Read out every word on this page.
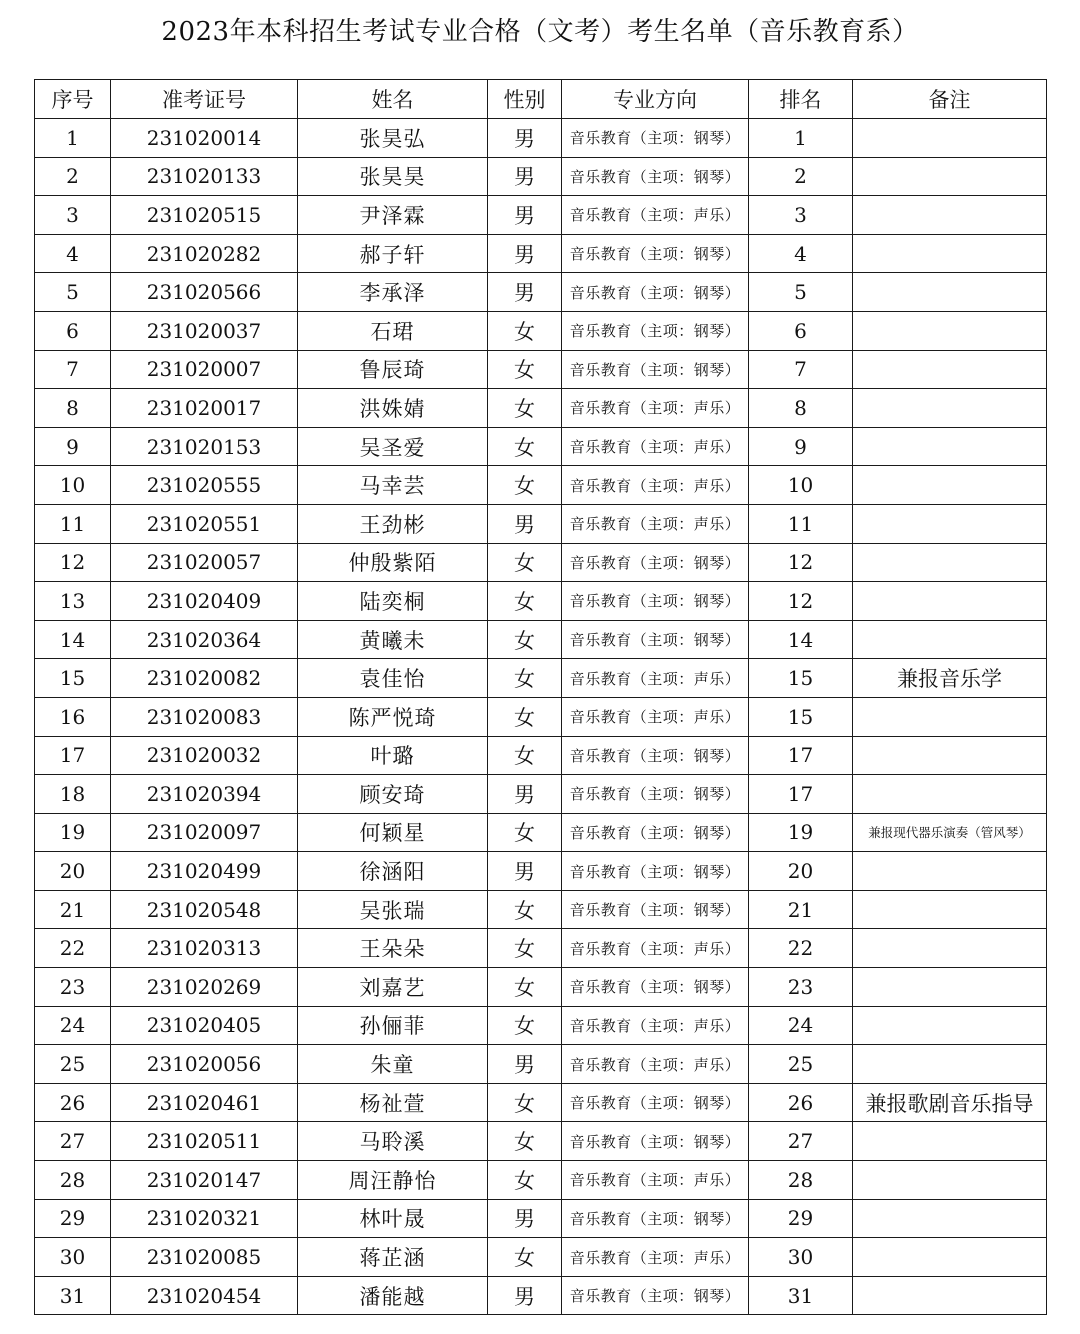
2023年本科招生考试专业合格（文考）考生名单（音乐教育系）
序号	准考证号	姓名	性别	专业方向	排名	备注
1	231020014	张昊弘	男	音乐教育（主项：钢琴）	1	
2	231020133	张昊昊	男	音乐教育（主项：钢琴）	2	
3	231020515	尹泽霖	男	音乐教育（主项：声乐）	3	
4	231020282	郝子轩	男	音乐教育（主项：钢琴）	4	
5	231020566	李承泽	男	音乐教育（主项：钢琴）	5	
6	231020037	石珺	女	音乐教育（主项：钢琴）	6	
7	231020007	鲁辰琦	女	音乐教育（主项：钢琴）	7	
8	231020017	洪姝婧	女	音乐教育（主项：声乐）	8	
9	231020153	吴圣爱	女	音乐教育（主项：声乐）	9	
10	231020555	马幸芸	女	音乐教育（主项：声乐）	10	
11	231020551	王劲彬	男	音乐教育（主项：声乐）	11	
12	231020057	仲殷紫陌	女	音乐教育（主项：钢琴）	12	
13	231020409	陆奕桐	女	音乐教育（主项：钢琴）	12	
14	231020364	黄曦未	女	音乐教育（主项：钢琴）	14	
15	231020082	袁佳怡	女	音乐教育（主项：声乐）	15	兼报音乐学
16	231020083	陈严悦琦	女	音乐教育（主项：声乐）	15	
17	231020032	叶璐	女	音乐教育（主项：钢琴）	17	
18	231020394	顾安琦	男	音乐教育（主项：钢琴）	17	
19	231020097	何颖星	女	音乐教育（主项：钢琴）	19	兼报现代器乐演奏（管风琴）
20	231020499	徐涵阳	男	音乐教育（主项：钢琴）	20	
21	231020548	吴张瑞	女	音乐教育（主项：钢琴）	21	
22	231020313	王朵朵	女	音乐教育（主项：声乐）	22	
23	231020269	刘嘉艺	女	音乐教育（主项：钢琴）	23	
24	231020405	孙俪菲	女	音乐教育（主项：声乐）	24	
25	231020056	朱童	男	音乐教育（主项：声乐）	25	
26	231020461	杨祉萱	女	音乐教育（主项：钢琴）	26	兼报歌剧音乐指导
27	231020511	马聆溪	女	音乐教育（主项：钢琴）	27	
28	231020147	周汪静怡	女	音乐教育（主项：声乐）	28	
29	231020321	林叶晟	男	音乐教育（主项：钢琴）	29	
30	231020085	蒋芷涵	女	音乐教育（主项：声乐）	30	
31	231020454	潘能越	男	音乐教育（主项：钢琴）	31	
